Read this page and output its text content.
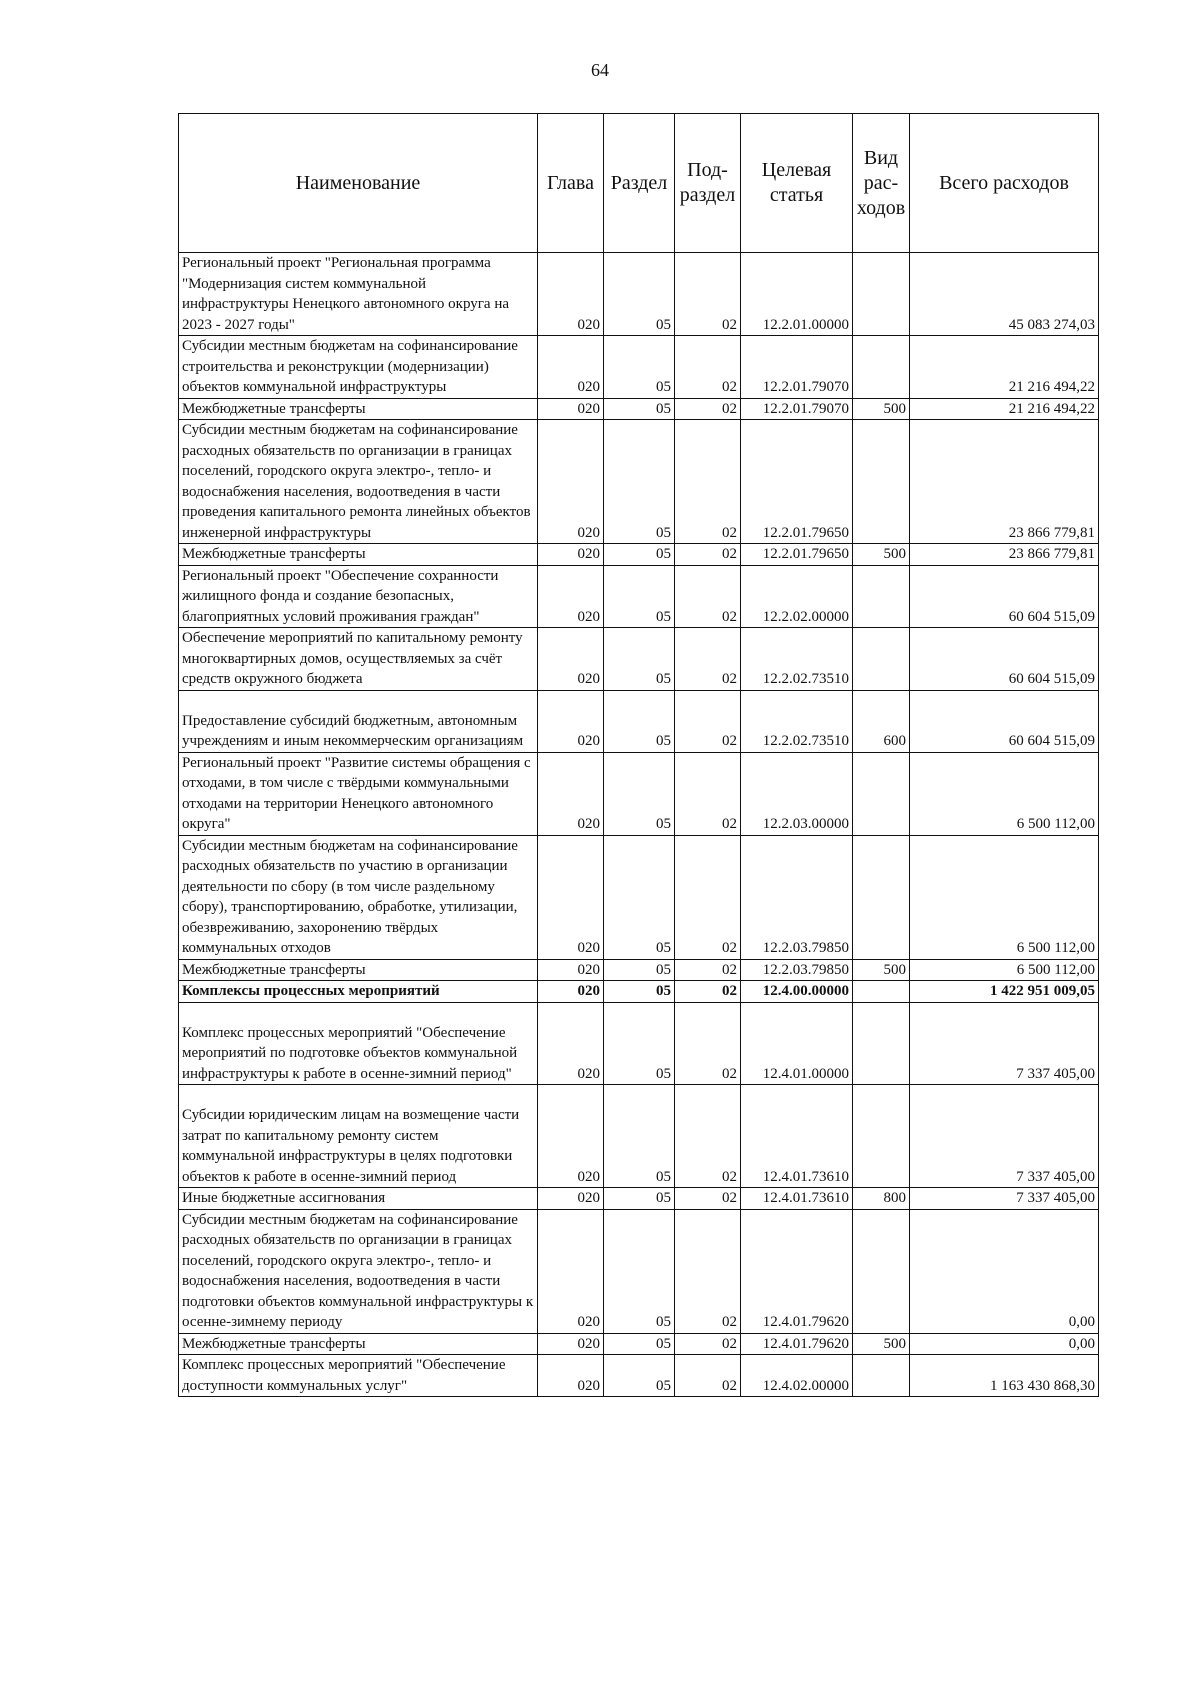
64
Наименование	Глава	Раздел	Под-раздел	Целевая статья	Вид рас-ходов	Всего расходов
Региональный проект "Региональная программа "Модернизация систем коммунальной инфраструктуры Ненецкого автономного округа на 2023 - 2027 годы"	020	05	02	12.2.01.00000		45 083 274,03
Субсидии местным бюджетам на софинансирование строительства и реконструкции (модернизации) объектов коммунальной инфраструктуры	020	05	02	12.2.01.79070		21 216 494,22
Межбюджетные трансферты	020	05	02	12.2.01.79070	500	21 216 494,22
Субсидии местным бюджетам на софинансирование расходных обязательств по организации в границах поселений, городского округа электро-, тепло- и водоснабжения населения, водоотведения в части проведения капитального ремонта линейных объектов инженерной инфраструктуры	020	05	02	12.2.01.79650		23 866 779,81
Межбюджетные трансферты	020	05	02	12.2.01.79650	500	23 866 779,81
Региональный проект "Обеспечение сохранности жилищного фонда и создание безопасных, благоприятных условий проживания граждан"	020	05	02	12.2.02.00000		60 604 515,09
Обеспечение мероприятий по капитальному ремонту многоквартирных домов, осуществляемых за счёт средств окружного бюджета	020	05	02	12.2.02.73510		60 604 515,09

Предоставление субсидий бюджетным, автономным учреждениям и иным некоммерческим организациям	020	05	02	12.2.02.73510	600	60 604 515,09
Региональный проект "Развитие системы обращения с отходами, в том числе с твёрдыми коммунальными отходами на территории Ненецкого автономного округа"	020	05	02	12.2.03.00000		6 500 112,00
Субсидии местным бюджетам на софинансирование расходных обязательств по участию в организации деятельности по сбору (в том числе раздельному сбору), транспортированию, обработке, утилизации, обезвреживанию, захоронению твёрдых коммунальных отходов	020	05	02	12.2.03.79850		6 500 112,00
Межбюджетные трансферты	020	05	02	12.2.03.79850	500	6 500 112,00
Комплексы процессных мероприятий	020	05	02	12.4.00.00000		1 422 951 009,05

Комплекс процессных мероприятий "Обеспечение мероприятий по подготовке объектов коммунальной инфраструктуры к работе в осенне-зимний период"	020	05	02	12.4.01.00000		7 337 405,00

Субсидии юридическим лицам на возмещение части затрат по капитальному ремонту систем коммунальной инфраструктуры в целях подготовки объектов к работе в осенне-зимний период	020	05	02	12.4.01.73610		7 337 405,00
Иные бюджетные ассигнования	020	05	02	12.4.01.73610	800	7 337 405,00
Субсидии местным бюджетам на софинансирование расходных обязательств по организации в границах поселений, городского округа электро-, тепло- и водоснабжения населения, водоотведения в части подготовки объектов коммунальной инфраструктуры к осенне-зимнему периоду	020	05	02	12.4.01.79620		0,00
Межбюджетные трансферты	020	05	02	12.4.01.79620	500	0,00
Комплекс процессных мероприятий "Обеспечение доступности коммунальных услуг"	020	05	02	12.4.02.00000		1 163 430 868,30
